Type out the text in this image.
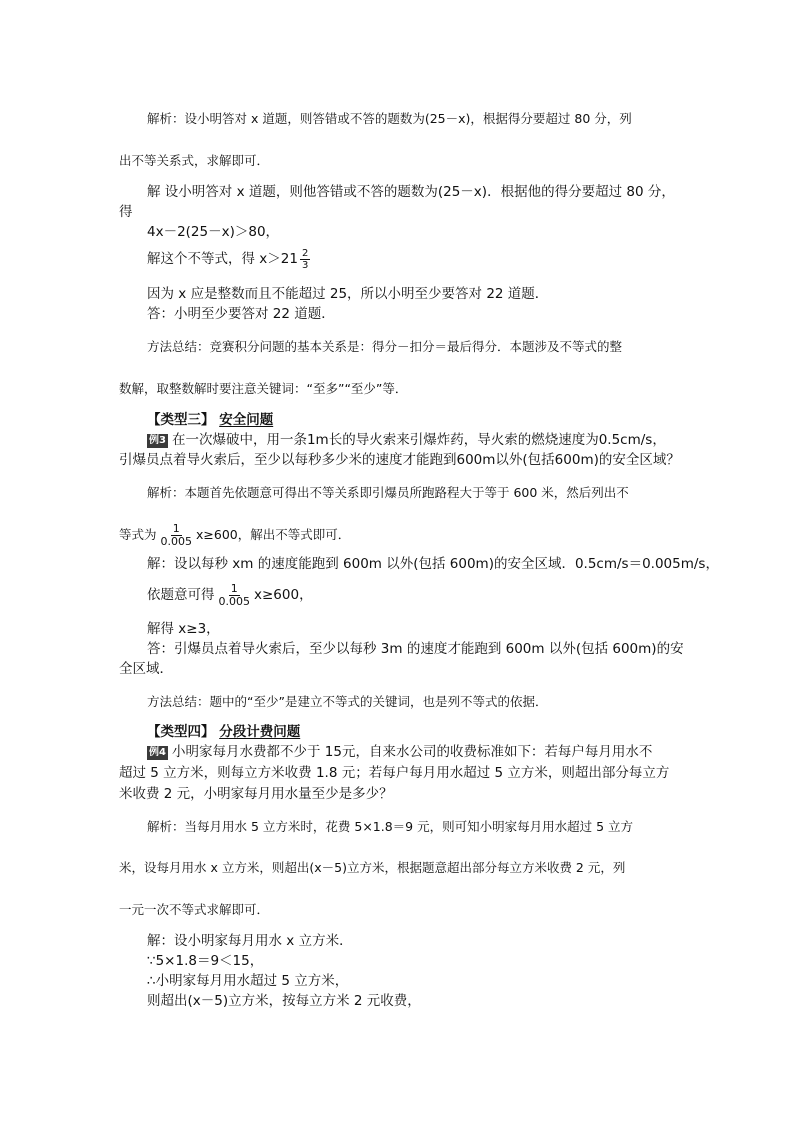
解析：设小明答对 x 道题，则答错或不答的题数为(25－x)，根据得分要超过 80 分，列
出不等关系式，求解即可．
解 设小明答对 x 道题，则他答错或不答的题数为(25－x)．根据他的得分要超过 80 分，
得
4x－2(25－x)＞80，
解这个不等式，得 $x>21 \frac{2}{3}$
因为 x 应是整数而且不能超过 25，所以小明至少要答对 22 道题．
答：小明至少要答对 22 道题．
方法总结：竞赛积分问题的基本关系是：得分－扣分＝最后得分．本题涉及不等式的整
数解，取整数解时要注意关键词：“至多”“至少”等．
【类型三】 安全问题
例3 在一次爆破中，用一条1m长的导火索来引爆炸药，导火索的燃烧速度为0.5cm/s，
引爆员点着导火索后，至少以每秒多少米的速度才能跑到600m以外(包括600m)的安全区域？
解析：本题首先依题意可得出不等关系即引爆员所跑路程大于等于 600 米，然后列出不
等式为 $\frac{1}{0.005} x\ge 600$，解出不等式即可．
解：设以每秒 xm 的速度能跑到 600m 以外(包括 600m)的安全区域．0.5cm/s＝0.005m/s，
依题意可得 $\frac{1}{0.005} x\ge 600$，
解得 x≥3，
答：引爆员点着导火索后，至少以每秒 3m 的速度才能跑到 600m 以外(包括 600m)的安
全区域．
方法总结：题中的“至少”是建立不等式的关键词，也是列不等式的依据．
【类型四】 分段计费问题
例4 小明家每月水费都不少于 15元，自来水公司的收费标准如下：若每户每月用水不
超过 5 立方米，则每立方米收费 1.8 元；若每户每月用水超过 5 立方米，则超出部分每立方
米收费 2 元，小明家每月用水量至少是多少？
解析：当每月用水 5 立方米时，花费 5×1.8＝9 元，则可知小明家每月用水超过 5 立方
米，设每月用水 x 立方米，则超出(x－5)立方米，根据题意超出部分每立方米收费 2 元，列
一元一次不等式求解即可．
解：设小明家每月用水 x 立方米．
∵5×1.8＝9＜15，
∴小明家每月用水超过 5 立方米，
则超出(x－5)立方米，按每立方米 2 元收费，
